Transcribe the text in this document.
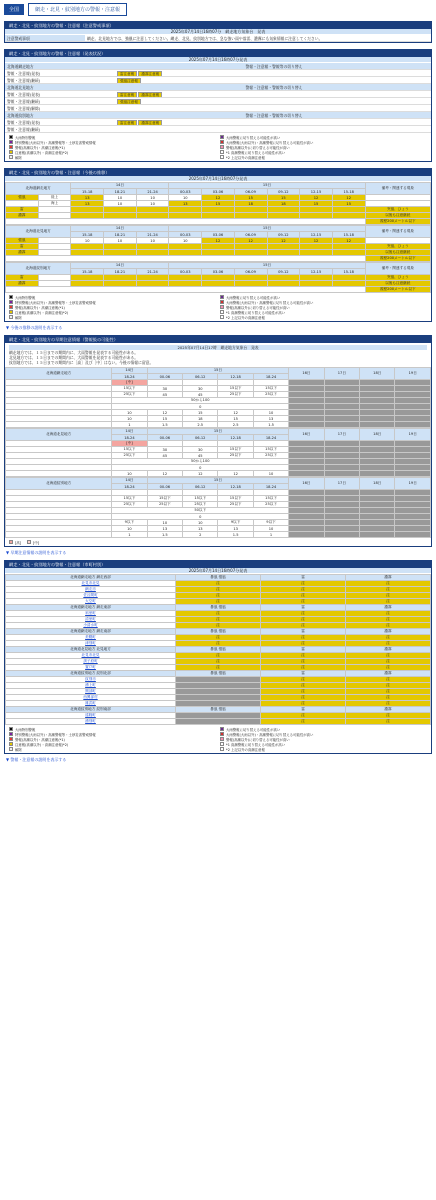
全国	網走・北見・紋別地方の警報・注意報
網走・北見・紋別地方の警報・注意報（注意警戒事項）
2025年07月14日16時07分　網走地方気象台　発表
注意警戒事項	網走、北見地方では、強風に注意してください。網走、北見、紋別地方では、急な強い雨や落雷、濃霧にも気象情報に注意してください。
網走・北見・紋別地方の警報・注意報（発表状況）
2025年07月14日16時07分発表
北海道網走地方	警報・注意報・警報等の切り替え
警報・注意報(発表)	雷注意報 濃霧注意報
警報・注意報(継続)	強風注意報
北海道北見地方	警報・注意報・警報等の切り替え
警報・注意報(発表)	雷注意報 濃霧注意報
警報・注意報(継続)	強風注意報
警報・注意報(解除)
北海道紋別地方	警報・注意報・警報等の切り替え
警報・注意報(発表)	雷注意報 濃霧注意報
警報・注意報(継続)
大雨特別警報	大雨警報に切り替える可能性が高い
特別警報(大雨以外)・高潮警報等・土砂災害警戒情報	大雨警報(大雨以外)・高潮警報に切り替える可能性が高い
警報(高潮以外)・高潮注意報(*1)	警報(高潮以外)に切り替える可能性が高い
注意報(高潮以外)・高潮注意報(*2)	*1 高潮警報に切り替える可能性が高い
解除	*2 上記以外の高潮注意報
網走・北見・紋別地方の警報・注意報（今後の推移）
2025年07月14日16時07分発表
北海道網走地方		14日			15日						備考・関連する現象
		15-18	18-21	21-24	00-03	03-06	06-09	09-12	12-15	15-18	
強風	陸上	13	10	10	10	12	15	15	12	12	
	海上	13	10	10	13	15	18	18	15	15	
雷											突風、ひょう
濃霧											以後も注意継続
											視程200メートル以下
北海道北見地方		14日			15日						備考・関連する現象
		15-18	18-21	21-24	00-03	03-06	06-09	09-12	12-15	15-18	
強風		10	10	10	10	12	12	12	12	12	
雷											突風、ひょう
濃霧											以後も注意継続
											視程200メートル以下
北海道紋別地方		14日			15日						備考・関連する現象
		15-18	18-21	21-24	00-03	03-06	06-09	09-12	12-15	15-18	
雷											突風、ひょう
濃霧											以後も注意継続
											視程200メートル以下
大雨特別警報	大雨警報に切り替える可能性が高い
特別警報(大雨以外)・高潮警報等・土砂災害警戒情報	大雨警報(大雨以外)・高潮警報に切り替える可能性が高い
警報(高潮以外)・高潮注意報(*1)	警報(高潮以外)に切り替える可能性が高い
注意報(高潮以外)・高潮注意報(*2)	*1 高潮警報に切り替える可能性が高い
解除	*2 上記以外の高潮注意報
▼ 今後の推移の説明を表示する
網走・北見・紋別地方の早期注意情報（警報級の可能性）
2025年07月14日17時　網走地方気象台　発表
網走地方では、１５日までの期間内に、大雨警報を発表する可能性がある。
北見地方では、１５日までの期間内に、大雨警報を発表する可能性がある。
紋別地方では、１５日までの期間内に［高］及び［中］はない。今後の情報に留意。
北海道網走地方	14日	15日				16日	17日	18日	19日
	18-24	00-06	06-12	12-18	18-24				
	[中]								
	15以下	30	30	15以下	15以下				
	25以下	45	45	25以下	25以下				
	50から100								
	0								
	10	12	15	12	10				
	10	15	18	15	13				
	1	1.5	2.5	2.5	1.5				
北海道北見地方	14日	15日				16日	17日	18日	19日
	18-24	00-06	06-12	12-18	18-24				
	[中]								
	15以下	30	30	15以下	15以下				
	25以下	45	45	25以下	25以下				
	50から100								
	0								
	10	12	12	12	10				
北海道紋別地方	14日	15日				16日	17日	18日	19日
	18-24	00-06	06-12	12-18	18-24				

	15以下	15以下	15以下	15以下	15以下				
	25以下	25以下	25以下	25以下	25以下				
	50以下								
	0								
	9以下	10	10	9以下	9以下				
	10	13	13	13	10				
	1	1.5	2	1.5	1				
[高]	[中]
▼ 早期注意情報の説明を表示する
網走・北見・紋別地方の警報・注意報（市町村別）
2025年07月14日16時07分発表
北海道網走地方 網走西部	暴風 強風	雷	濃霧
北見市北見	注	注	注
網走市	注	注	注
佐呂間町	注	注	注
大空町	注	注	注
北海道網走地方 網走東部	暴風 強風	雷	濃霧
斜里町	注	注	注
清里町	注	注	注
小清水町	注	注	注
北海道網走地方 網走南部	暴風 強風	雷	濃霧
美幌町	注	注	注
津別町	注	注	注
北海道北見地方 北見地方	暴風 強風	雷	濃霧
北見市北見	注	注	注
訓子府町	注	注	注
置戸町	注	注	注
北海道紋別地方 紋別北部	暴風 強風	雷	濃霧
紋別市		注	注
湧上町		注	注
興部町		注	注
西興部村		注	注
雄武町		注	注
北海道紋別地方 紋別南部	暴風 強風	雷	濃霧
遠軽町		注	注
湧別町		注	注
大雨特別警報	大雨警報に切り替える可能性が高い
特別警報(大雨以外)・高潮警報等・土砂災害警戒情報	大雨警報(大雨以外)・高潮警報に切り替える可能性が高い
警報(高潮以外)・高潮注意報(*1)	警報(高潮以外)に切り替える可能性が高い
注意報(高潮以外)・高潮注意報(*2)	*1 高潮警報に切り替える可能性が高い
解除	*2 上記以外の高潮注意報
▼ 警報・注意報の説明を表示する
